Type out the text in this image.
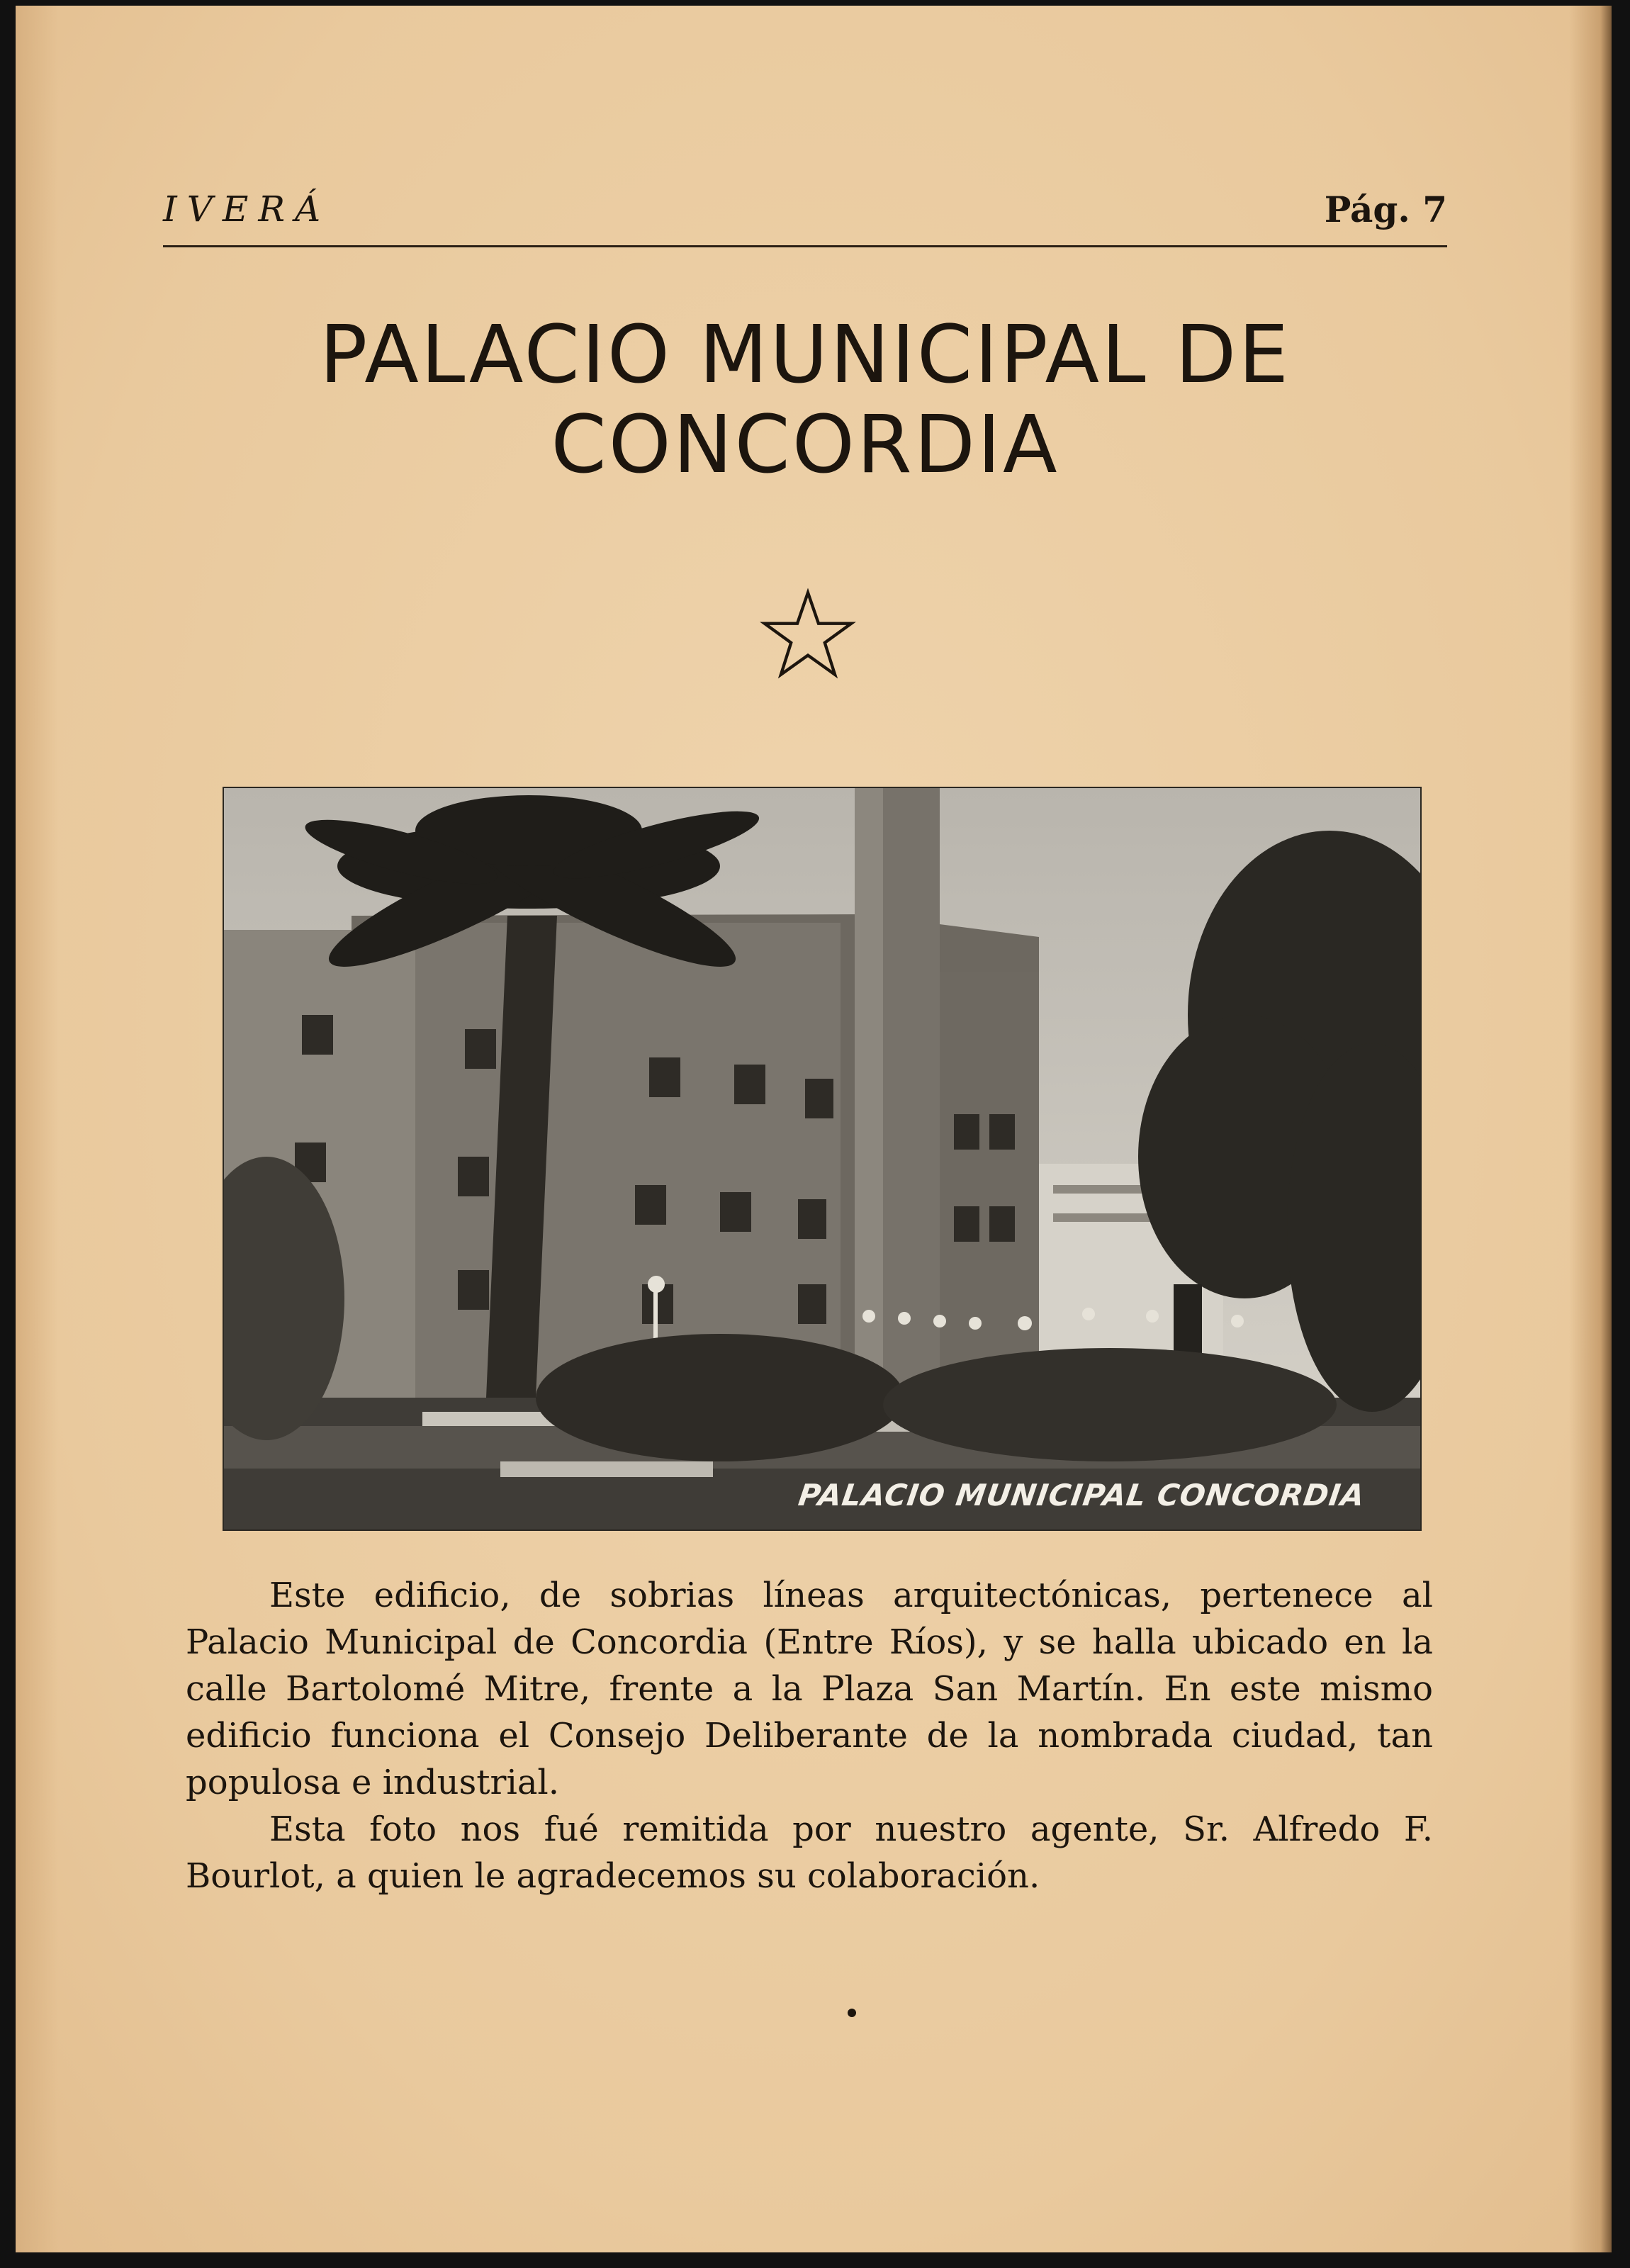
IVERÁ	Pág. 7
PALACIO MUNICIPAL DE
CONCORDIA
PALACIO MUNICIPAL CONCORDIA

Este edificio, de sobrias líneas arquitectónicas, pertenece al Palacio Municipal de Concordia (Entre Ríos), y se halla ubicado en la calle Bartolomé Mitre, frente a la Plaza San Martín. En este mismo edificio funciona el Consejo Deliberante de la nombrada ciudad, tan populosa e industrial.

Esta foto nos fué remitida por nuestro agente, Sr. Alfredo F. Bourlot, a quien le agradecemos su colaboración.
